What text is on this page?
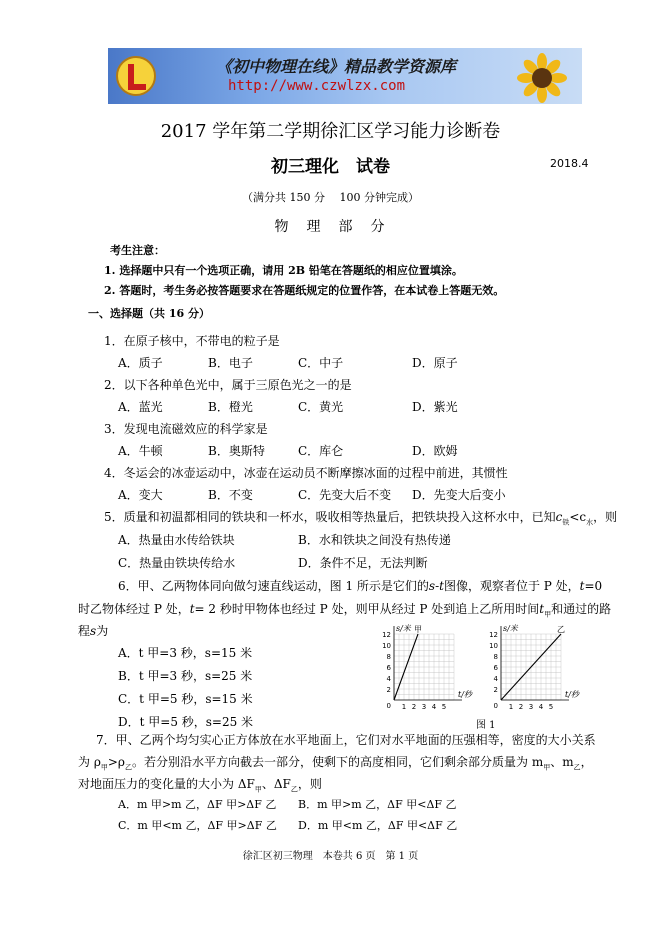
《初中物理在线》精品教学资源库
http://www.czwlzx.com
2017 学年第二学期徐汇区学习能力诊断卷
初三理化　试卷	2018.4
（满分共 150 分　 100 分钟完成）
物　理　部　分
考生注意：
1. 选择题中只有一个选项正确，请用 2B 铅笔在答题纸的相应位置填涂。
2. 答题时，考生务必按答题要求在答题纸规定的位置作答，在本试卷上答题无效。
一、选择题（共 16 分）
1．在原子核中，不带电的粒子是
A．质子	B．电子	C．中子	D．原子
2．以下各种单色光中，属于三原色光之一的是
A．蓝光	B．橙光	C．黄光	D．紫光
3．发现电流磁效应的科学家是
A．牛顿	B．奥斯特	C．库仑	D．欧姆
4．冬运会的冰壶运动中，冰壶在运动员不断摩擦冰面的过程中前进，其惯性
A．变大	B．不变	C．先变大后不变 D．先变大后变小
5．质量和初温都相同的铁块和一杯水，吸收相等热量后，把铁块投入这杯水中，已知$c_铁<c_水$，则
A．热量由水传给铁块	B．水和铁块之间没有热传递
C．热量由铁块传给水	D．条件不足，无法判断
6．甲、乙两物体同向做匀速直线运动，图 1 所示是它们的s-t图像，观察者位于 P 处，t=0
时乙物体经过 P 处，t= 2 秒时甲物体也经过 P 处，则甲从经过 P 处到追上乙所用时间$t_甲$和通过的路
程s为
A．t 甲=3 秒，s=15 米
B．t 甲=3 秒，s=25 米
C．t 甲=5 秒，s=15 米
D．t 甲=5 秒，s=25 米
2
4
6
8
10
12
1 2 3 4 5
0
s/米
t/秒
甲
2
4
6
8
10
12
1 2 3 4 5
0
s/米
t/秒
乙
图 1
7．甲、乙两个均匀实心正方体放在水平地面上，它们对水平地面的压强相等，密度的大小关系
为 $\rho_甲>\rho_乙$。若分别沿水平方向截去一部分，使剩下的高度相同，它们剩余部分质量为 $m_甲$、$m_乙$，
对地面压力的变化量的大小为 $\Delta F_甲$、$\Delta F_乙$，则
A．m 甲>m 乙，ΔF 甲>ΔF 乙 B．m 甲>m 乙，ΔF 甲<ΔF 乙
C．m 甲<m 乙，ΔF 甲>ΔF 乙 D．m 甲<m 乙，ΔF 甲<ΔF 乙
徐汇区初三物理　本卷共 6 页　第 1 页
